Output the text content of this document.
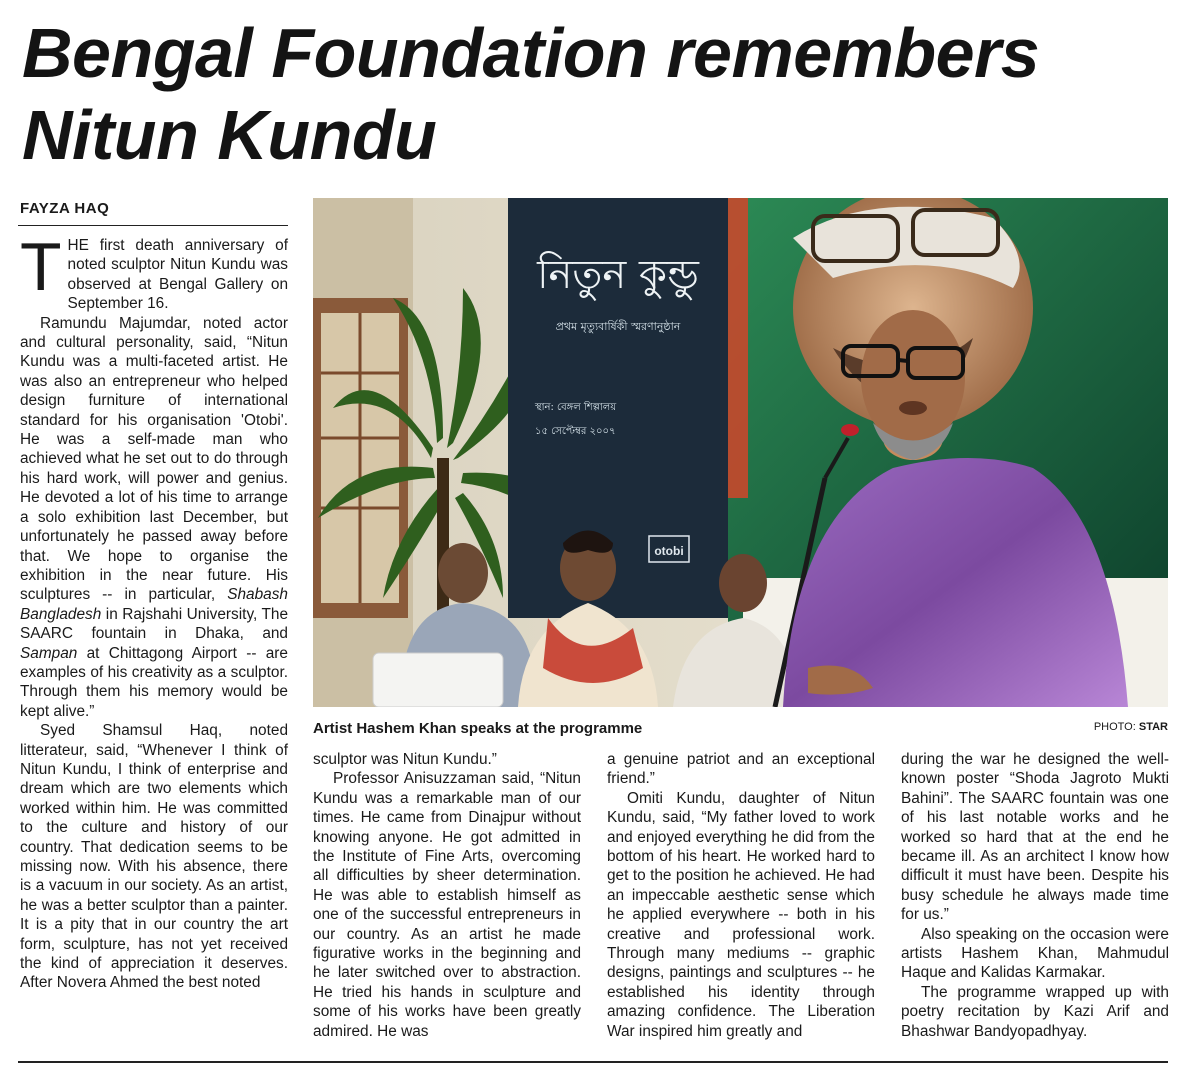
Bengal Foundation remembers
Nitun Kundu
FAYZA HAQ

THE first death anniversary of noted sculptor Nitun Kundu was observed at Bengal Gallery on September 16.

Ramundu Majumdar, noted actor and cultural personality, said, “Nitun Kundu was a multi-faceted artist. He was also an entrepreneur who helped design furniture of international standard for his organisation 'Otobi'. He was a self-made man who achieved what he set out to do through his hard work, will power and genius. He devoted a lot of his time to arrange a solo exhibition last December, but unfortunately he passed away before that. We hope to organise the exhibition in the near future. His sculptures -- in particular, Shabash Bangladesh in Rajshahi University, The SAARC fountain in Dhaka, and Sampan at Chittagong Airport -- are examples of his creativity as a sculptor. Through them his memory would be kept alive.”

Syed Shamsul Haq, noted litterateur, said, “Whenever I think of Nitun Kundu, I think of enterprise and dream which are two elements which worked within him. He was committed to the culture and history of our country. That dedication seems to be missing now. With his absence, there is a vacuum in our society. As an artist, he was a better sculptor than a painter. It is a pity that in our country the art form, sculpture, has not yet received the kind of appreciation it deserves. After Novera Ahmed the best noted

নিতুন কুন্ডু
প্রথম মৃত্যুবার্ষিকী স্মরণানুষ্ঠান
স্থান: বেঙ্গল শিল্পালয়
১৫ সেপ্টেম্বর ২০০৭
otobi
Artist Hashem Khan speaks at the programme	PHOTO: STAR

sculptor was Nitun Kundu.”

Professor Anisuzzaman said, “Nitun Kundu was a remarkable man of our times. He came from Dinajpur without knowing anyone. He got admitted in the Institute of Fine Arts, overcoming all difficulties by sheer determination. He was able to establish himself as one of the successful entrepreneurs in our country. As an artist he made figurative works in the beginning and he later switched over to abstraction. He tried his hands in sculpture and some of his works have been greatly admired. He was

a genuine patriot and an exceptional friend.”

Omiti Kundu, daughter of Nitun Kundu, said, “My father loved to work and enjoyed everything he did from the bottom of his heart. He worked hard to get to the position he achieved. He had an impeccable aesthetic sense which he applied everywhere -- both in his creative and professional work. Through many mediums -- graphic designs, paintings and sculptures -- he established his identity through amazing confidence. The Liberation War inspired him greatly and

during the war he designed the well-known poster “Shoda Jagroto Mukti Bahini”. The SAARC fountain was one of his last notable works and he worked so hard that at the end he became ill. As an architect I know how difficult it must have been. Despite his busy schedule he always made time for us.”

Also speaking on the occasion were artists Hashem Khan, Mahmudul Haque and Kalidas Karmakar.

The programme wrapped up with poetry recitation by Kazi Arif and Bhashwar Bandyopadhyay.
